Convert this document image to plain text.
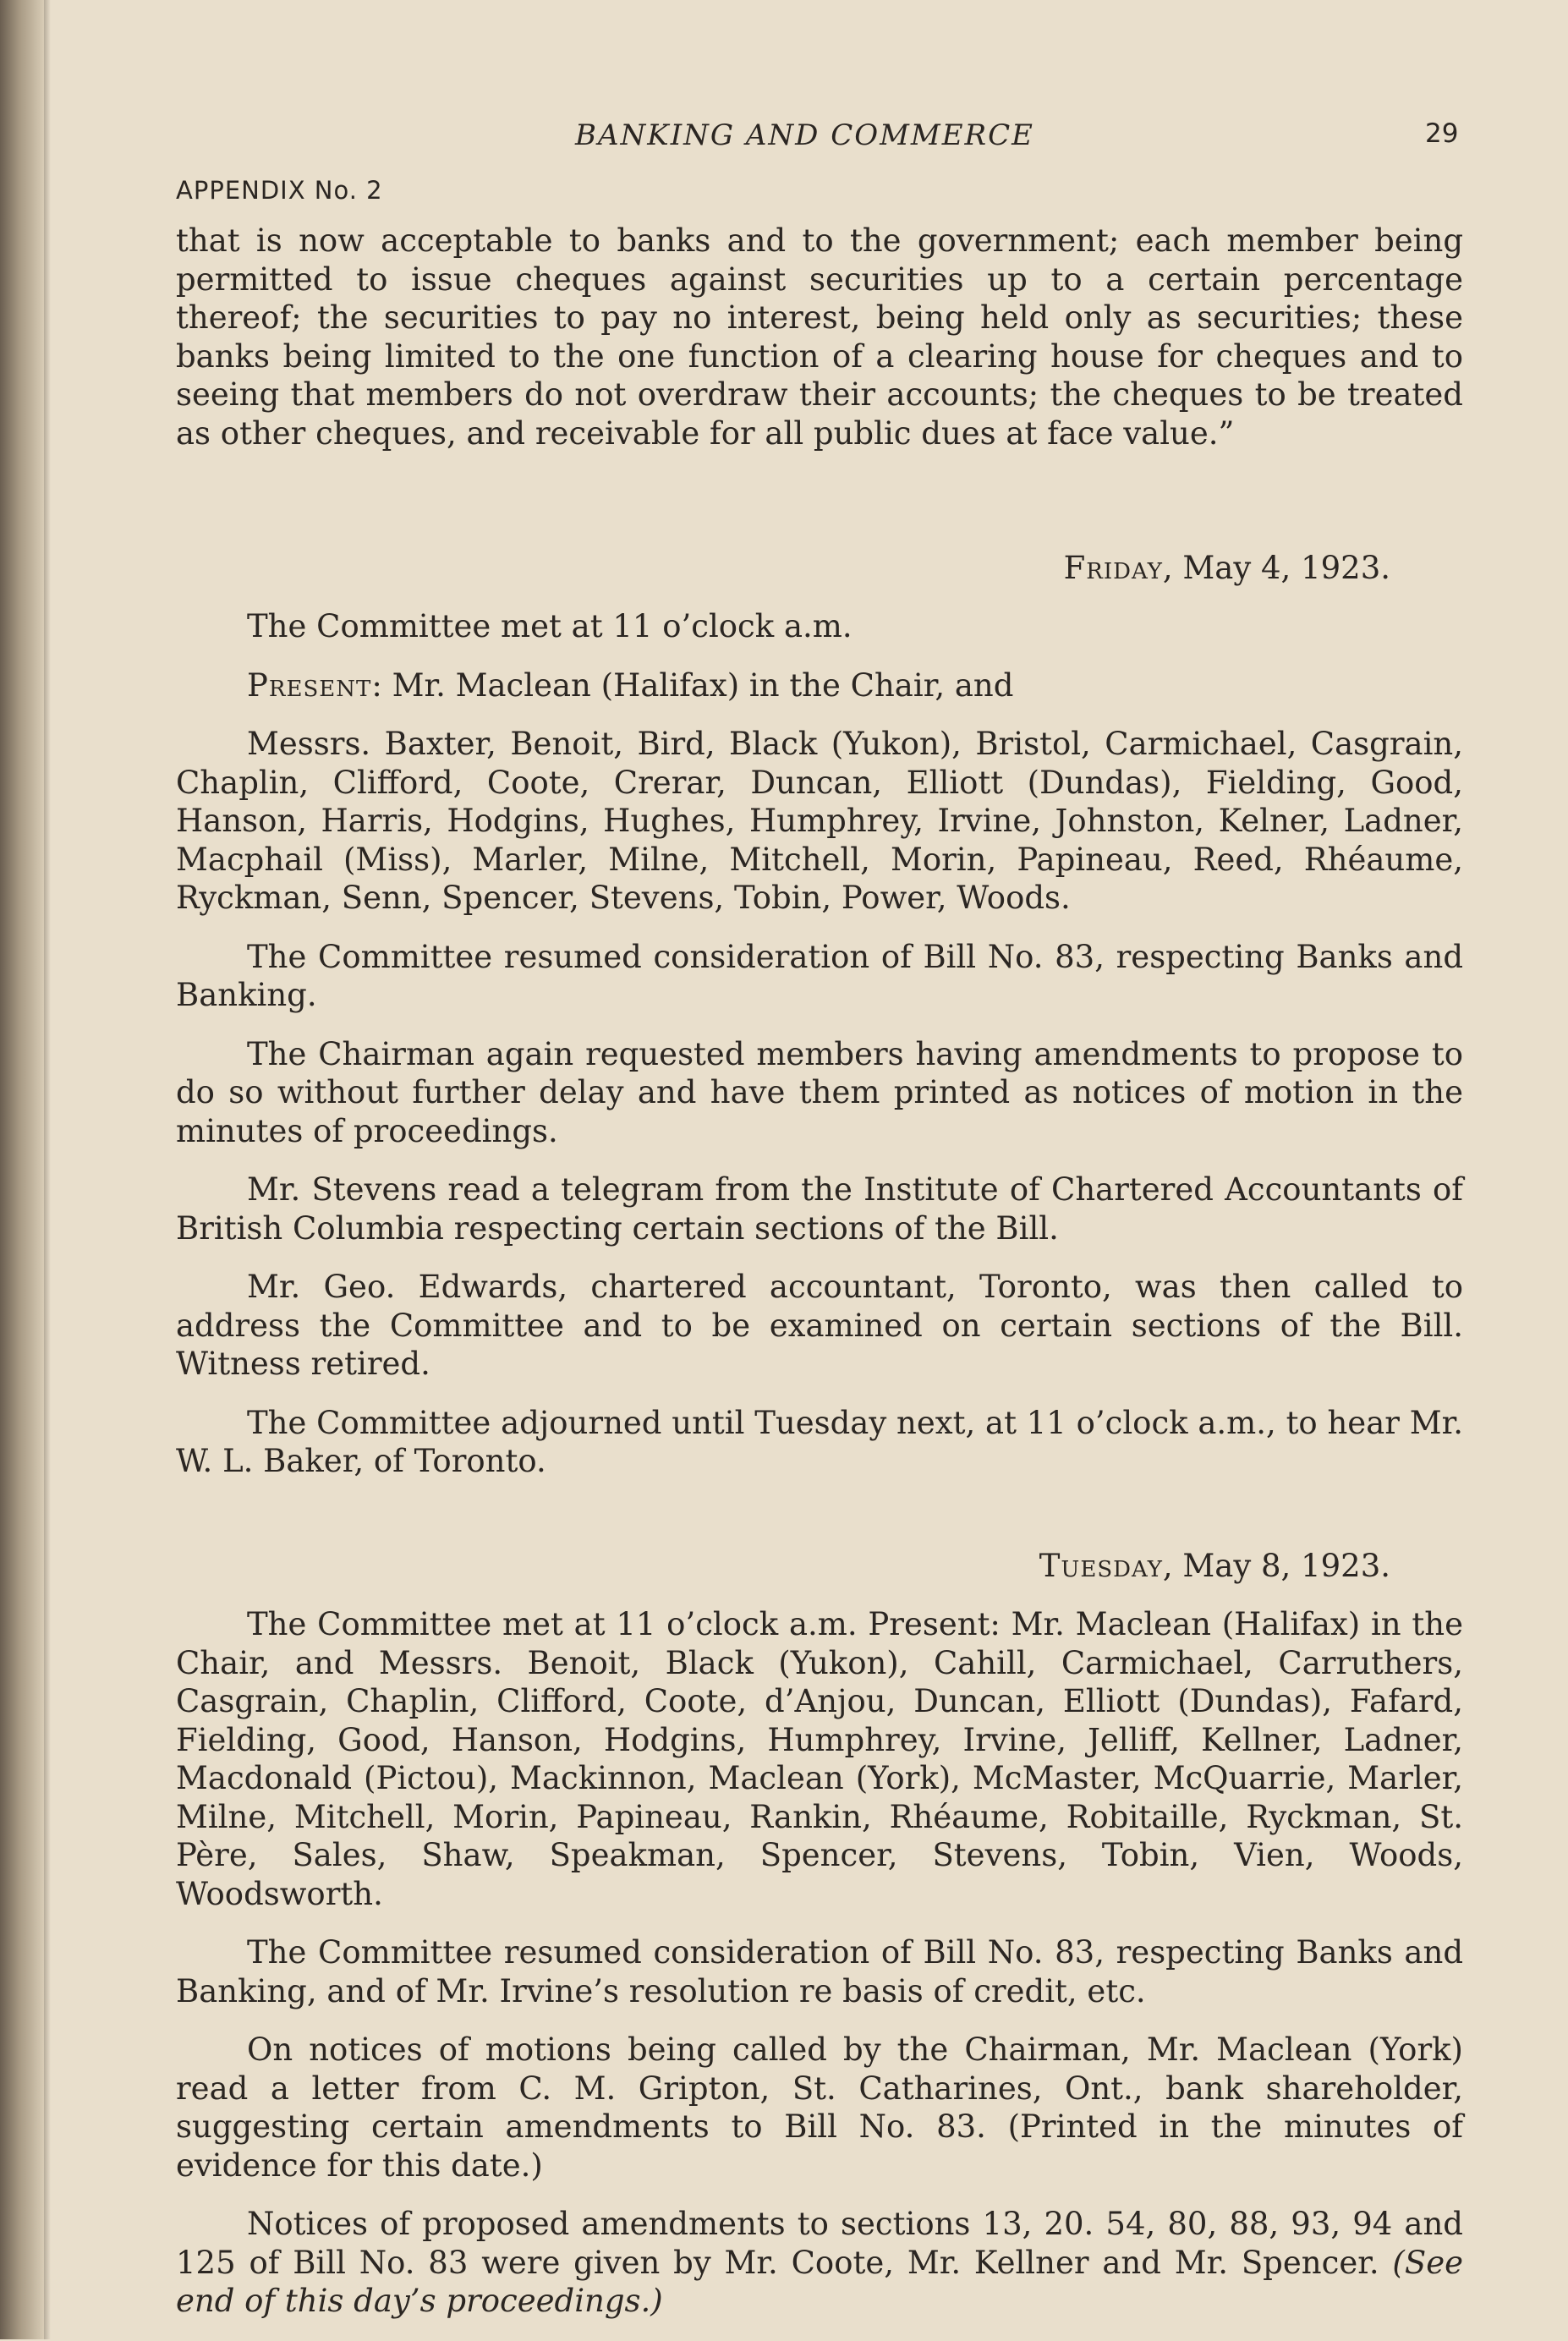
BANKING AND COMMERCE	29
APPENDIX No. 2

that is now acceptable to banks and to the government; each member being permitted to issue cheques against securities up to a certain percentage thereof; the securities to pay no interest, being held only as securities; these banks being limited to the one function of a clearing house for cheques and to seeing that members do not overdraw their accounts; the cheques to be treated as other cheques, and receivable for all public dues at face value.”

Friday, May 4, 1923.

The Committee met at 11 o’clock a.m.

Present: Mr. Maclean (Halifax) in the Chair, and

Messrs. Baxter, Benoit, Bird, Black (Yukon), Bristol, Carmichael, Casgrain, Chaplin, Clifford, Coote, Crerar, Duncan, Elliott (Dundas), Fielding, Good, Hanson, Harris, Hodgins, Hughes, Humphrey, Irvine, Johnston, Kelner, Ladner, Macphail (Miss), Marler, Milne, Mitchell, Morin, Papineau, Reed, Rhéaume, Ryckman, Senn, Spencer, Stevens, Tobin, Power, Woods.

The Committee resumed consideration of Bill No. 83, respecting Banks and Banking.

The Chairman again requested members having amendments to propose to do so without further delay and have them printed as notices of motion in the minutes of proceedings.

Mr. Stevens read a telegram from the Institute of Chartered Accountants of British Columbia respecting certain sections of the Bill.

Mr. Geo. Edwards, chartered accountant, Toronto, was then called to address the Committee and to be examined on certain sections of the Bill. Witness retired.

The Committee adjourned until Tuesday next, at 11 o’clock a.m., to hear Mr. W. L. Baker, of Toronto.

Tuesday, May 8, 1923.

The Committee met at 11 o’clock a.m. Present: Mr. Maclean (Halifax) in the Chair, and Messrs. Benoit, Black (Yukon), Cahill, Carmichael, Carruthers, Casgrain, Chaplin, Clifford, Coote, d’Anjou, Duncan, Elliott (Dundas), Fafard, Fielding, Good, Hanson, Hodgins, Humphrey, Irvine, Jelliff, Kellner, Ladner, Macdonald (Pictou), Mackinnon, Maclean (York), McMaster, McQuarrie, Marler, Milne, Mitchell, Morin, Papineau, Rankin, Rhéaume, Robitaille, Ryckman, St. Père, Sales, Shaw, Speakman, Spencer, Stevens, Tobin, Vien, Woods, Woodsworth.

The Committee resumed consideration of Bill No. 83, respecting Banks and Banking, and of Mr. Irvine’s resolution re basis of credit, etc.

On notices of motions being called by the Chairman, Mr. Maclean (York) read a letter from C. M. Gripton, St. Catharines, Ont., bank shareholder, suggesting certain amendments to Bill No. 83. (Printed in the minutes of evidence for this date.)

Notices of proposed amendments to sections 13, 20. 54, 80, 88, 93, 94 and 125 of Bill No. 83 were given by Mr. Coote, Mr. Kellner and Mr. Spencer. (See end of this day’s proceedings.)
